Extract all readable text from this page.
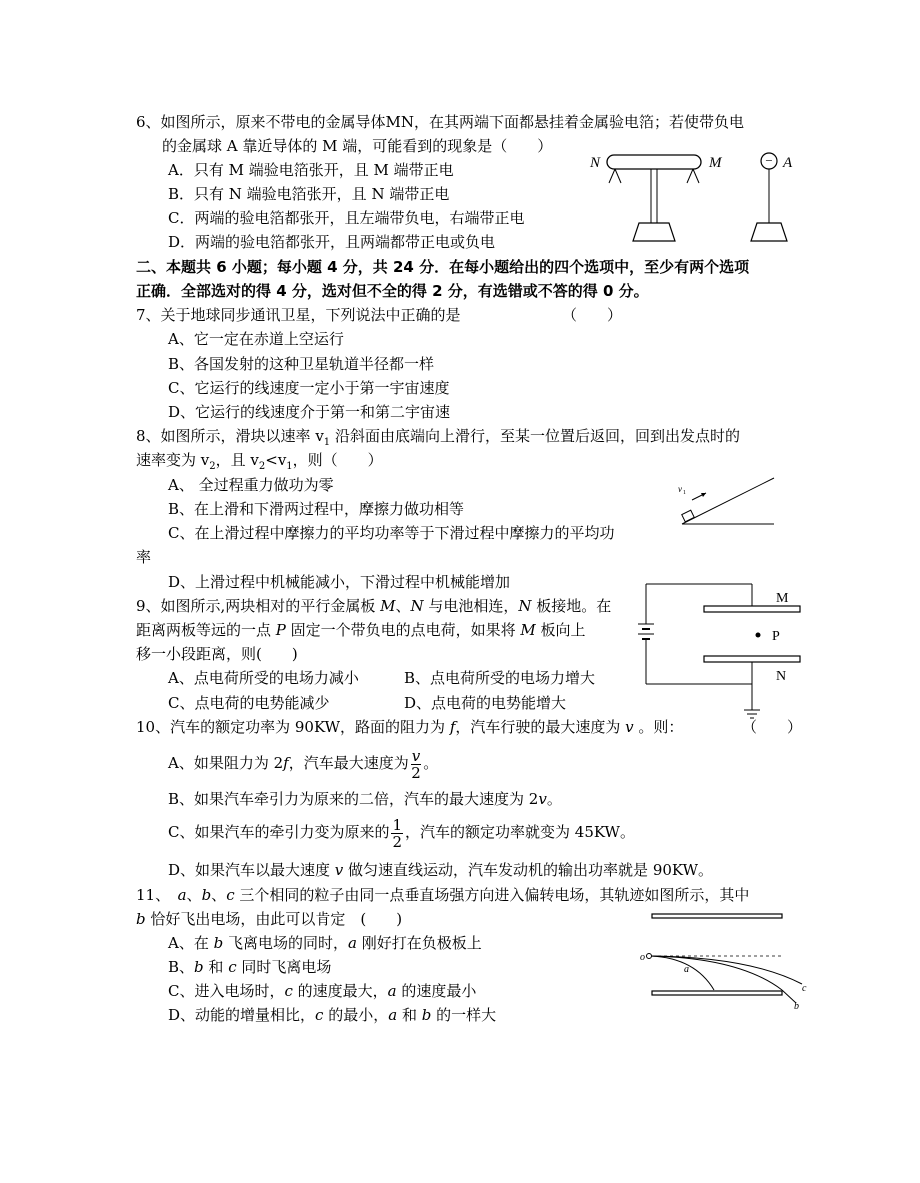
6、如图所示，原来不带电的金属导体MN，在其两端下面都悬挂着金属验电箔；若使带负电
的金属球 A 靠近导体的 M 端，可能看到的现象是（　　）
A．只有 M 端验电箔张开，且 M 端带正电
B．只有 N 端验电箔张开，且 N 端带正电
C．两端的验电箔都张开，且左端带负电，右端带正电
D．两端的验电箔都张开，且两端都带正电或负电
N	M	− A
二、本题共 6 小题；每小题 4 分，共 24 分．在每小题给出的四个选项中，至少有两个选项
正确．全部选对的得 4 分，选对但不全的得 2 分，有选错或不答的得 0 分。
7、关于地球同步通讯卫星，下列说法中正确的是	（　　）
A、它一定在赤道上空运行
B、各国发射的这种卫星轨道半径都一样
C、它运行的线速度一定小于第一宇宙速度
D、它运行的线速度介于第一和第二宇宙速
8、如图所示，滑块以速率 $v_1$ 沿斜面由底端向上滑行，至某一位置后返回，回到出发点时的
速率变为 $v_2$，且 $v_2<v_1$，则（　　）
A、 全过程重力做功为零
B、在上滑和下滑两过程中，摩擦力做功相等
C、在上滑过程中摩擦力的平均功率等于下滑过程中摩擦力的平均功
率
D、上滑过程中机械能减小，下滑过程中机械能增加
v 1
9、如图所示,两块相对的平行金属板 M、N 与电池相连，N 板接地。在
距离两板等远的一点 P 固定一个带负电的点电荷，如果将 M 板向上
移一小段距离，则(　　)
A、点电荷所受的电场力减小	B、点电荷所受的电场力增大
C、点电荷的电势能减少	D、点电荷的电势能增大
M
P
N
10、汽车的额定功率为 90KW，路面的阻力为 f，汽车行驶的最大速度为 v 。则：	（　　）
A、如果阻力为 2f，汽车最大速度为 $\frac{v}{2}$ 。
B、如果汽车牵引力为原来的二倍，汽车的最大速度为 2v。
C、如果汽车的牵引力变为原来的 $\frac{1}{2}$ ，汽车的额定功率就变为 45KW。
D、如果汽车以最大速度 v 做匀速直线运动，汽车发动机的输出功率就是 90KW。
11、　a、b、c 三个相同的粒子由同一点垂直场强方向进入偏转电场，其轨迹如图所示，其中
b 恰好飞出电场，由此可以肯定　(　　)
A、在 b 飞离电场的同时，a 刚好打在负极板上
B、b 和 c 同时飞离电场
C、进入电场时，c 的速度最大，a 的速度最小
D、动能的增量相比，c 的最小，a 和 b 的一样大
o
a
c
b
